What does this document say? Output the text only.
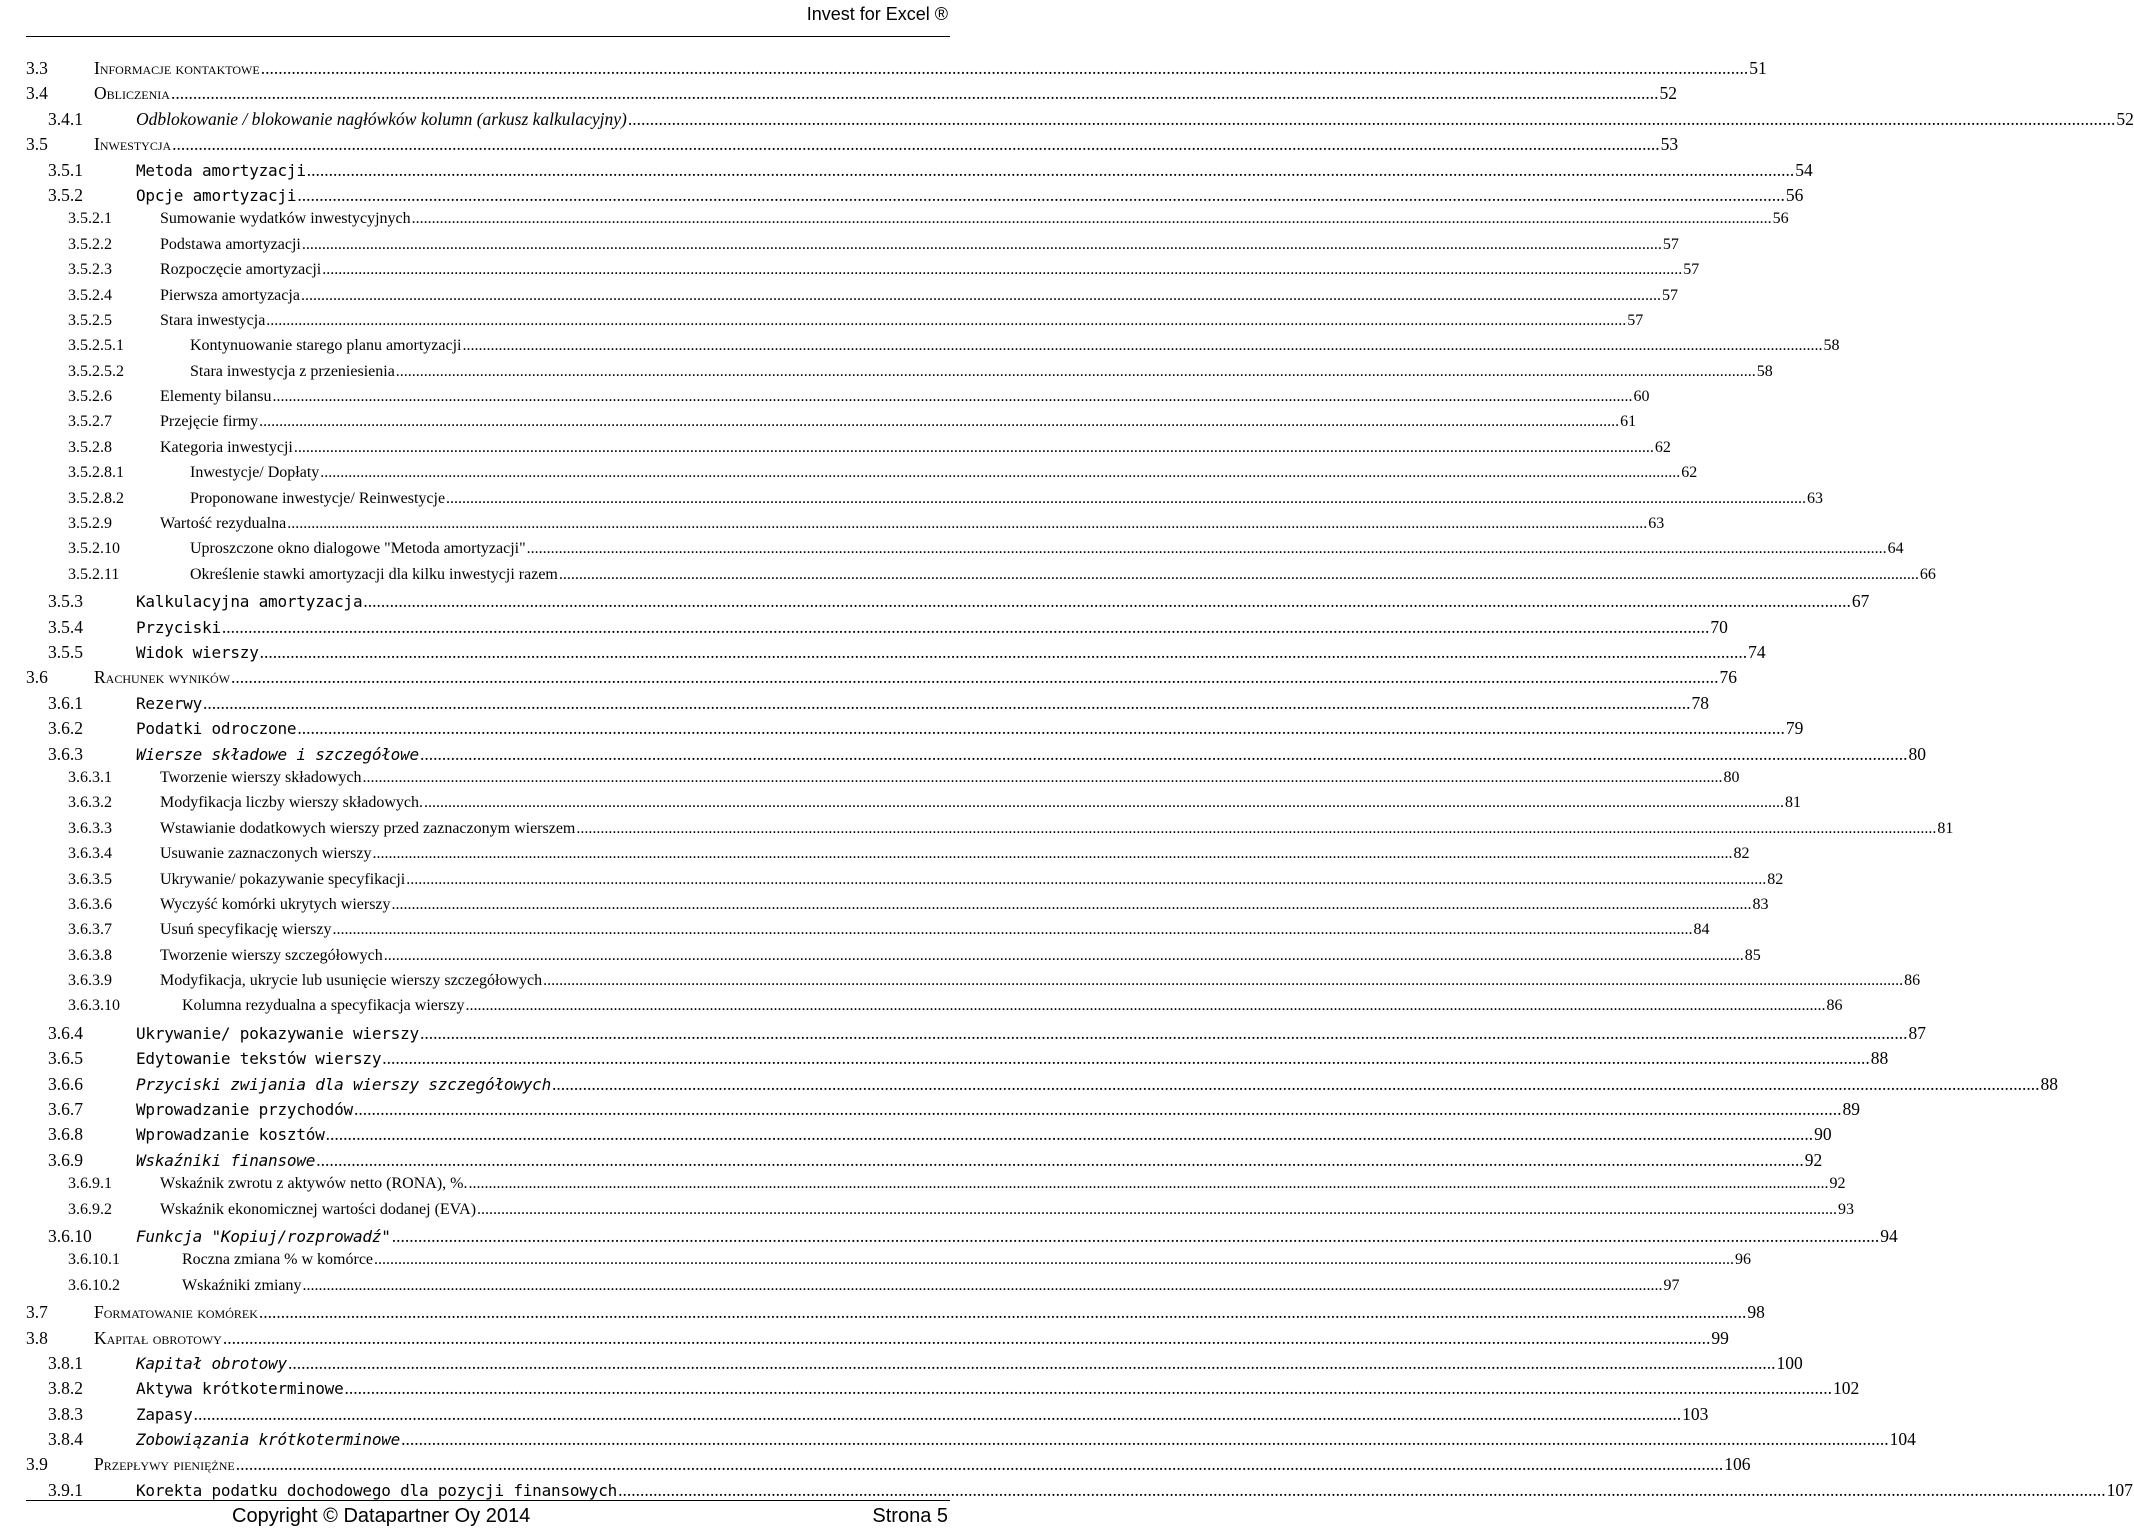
Invest for Excel ®
3.3	Informacje kontaktowe .....	51
3.4	Obliczenia .....	52
3.4.1	Odblokowanie / blokowanie nagłówków kolumn (arkusz kalkulacyjny) .....	52
3.5	Inwestycja .....	53
3.5.1	Metoda amortyzacji .....	54
3.5.2	Opcje amortyzacji .....	56
3.5.2.1	Sumowanie wydatków inwestycyjnych .....	56
3.5.2.2	Podstawa amortyzacji .....	57
3.5.2.3	Rozpoczęcie amortyzacji .....	57
3.5.2.4	Pierwsza amortyzacja .....	57
3.5.2.5	Stara inwestycja .....	57
3.5.2.5.1	Kontynuowanie starego planu amortyzacji .....	58
3.5.2.5.2	Stara inwestycja z przeniesienia .....	58
3.5.2.6	Elementy bilansu .....	60
3.5.2.7	Przejęcie firmy .....	61
3.5.2.8	Kategoria inwestycji .....	62
3.5.2.8.1	Inwestycje/ Dopłaty .....	62
3.5.2.8.2	Proponowane inwestycje/ Reinwestycje .....	63
3.5.2.9	Wartość rezydualna .....	63
3.5.2.10	Uproszczone okno dialogowe "Metoda amortyzacji" .....	64
3.5.2.11	Określenie stawki amortyzacji dla kilku inwestycji razem .....	66
3.5.3	Kalkulacyjna amortyzacja .....	67
3.5.4	Przyciski .....	70
3.5.5	Widok wierszy .....	74
3.6	Rachunek wyników .....	76
3.6.1	Rezerwy .....	78
3.6.2	Podatki odroczone .....	79
3.6.3	Wiersze składowe i szczegółowe .....	80
3.6.3.1	Tworzenie wierszy składowych .....	80
3.6.3.2	Modyfikacja liczby wierszy składowych. .....	81
3.6.3.3	Wstawianie dodatkowych wierszy przed zaznaczonym wierszem .....	81
3.6.3.4	Usuwanie zaznaczonych wierszy .....	82
3.6.3.5	Ukrywanie/ pokazywanie specyfikacji .....	82
3.6.3.6	Wyczyść komórki ukrytych wierszy .....	83
3.6.3.7	Usuń specyfikację wierszy .....	84
3.6.3.8	Tworzenie wierszy szczegółowych .....	85
3.6.3.9	Modyfikacja, ukrycie lub usunięcie wierszy szczegółowych .....	86
3.6.3.10	Kolumna rezydualna a specyfikacja wierszy .....	86
3.6.4	Ukrywanie/ pokazywanie wierszy .....	87
3.6.5	Edytowanie tekstów wierszy .....	88
3.6.6	Przyciski zwijania dla wierszy szczegółowych .....	88
3.6.7	Wprowadzanie przychodów .....	89
3.6.8	Wprowadzanie kosztów .....	90
3.6.9	Wskaźniki finansowe .....	92
3.6.9.1	Wskaźnik zwrotu z aktywów netto (RONA), %. .....	92
3.6.9.2	Wskaźnik ekonomicznej wartości dodanej (EVA) .....	93
3.6.10	Funkcja "Kopiuj/rozprowadź" .....	94
3.6.10.1	Roczna zmiana % w komórce .....	96
3.6.10.2	Wskaźniki zmiany .....	97
3.7	Formatowanie komórek .....	98
3.8	Kapitał obrotowy .....	99
3.8.1	Kapitał obrotowy .....	100
3.8.2	Aktywa krótkoterminowe .....	102
3.8.3	Zapasy .....	103
3.8.4	Zobowiązania krótkoterminowe .....	104
3.9	Przepływy pieniężne .....	106
3.9.1	Korekta podatku dochodowego dla pozycji finansowych .....	107
Copyright © Datapartner Oy 2014	Strona 5
